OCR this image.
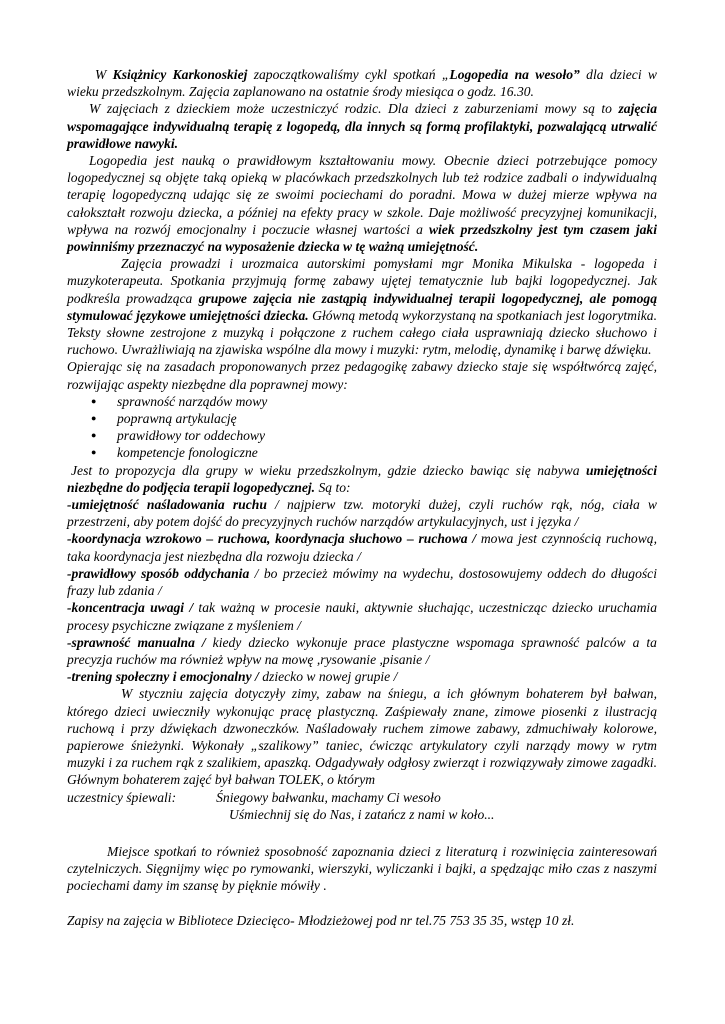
W Książnicy Karkonoskiej zapoczątkowaliśmy cykl spotkań „Logopedia na wesoło” dla dzieci w wieku przedszkolnym. Zajęcia zaplanowano na ostatnie środy miesiąca o godz. 16.30.

W zajęciach z dzieckiem może uczestniczyć rodzic. Dla dzieci z zaburzeniami mowy są to zajęcia wspomagające indywidualną terapię z logopedą, dla innych są formą profilaktyki, pozwalającą utrwalić prawidłowe nawyki.

Logopedia jest nauką o prawidłowym kształtowaniu mowy. Obecnie dzieci potrzebujące pomocy logopedycznej są objęte taką opieką w placówkach przedszkolnych lub też rodzice zadbali o indywidualną terapię logopedyczną udając się ze swoimi pociechami do poradni. Mowa w dużej mierze wpływa na całokształt rozwoju dziecka, a później na efekty pracy w szkole. Daje możliwość precyzyjnej komunikacji, wpływa na rozwój emocjonalny i poczucie własnej wartości a wiek przedszkolny jest tym czasem jaki powinniśmy przeznaczyć na wyposażenie dziecka w tę ważną umiejętność.

Zajęcia prowadzi i urozmaica autorskimi pomysłami mgr Monika Mikulska - logopeda i muzykoterapeuta. Spotkania przyjmują formę zabawy ujętej tematycznie lub bajki logopedycznej. Jak podkreśla prowadząca grupowe zajęcia nie zastąpią indywidualnej terapii logopedycznej, ale pomogą stymulować językowe umiejętności dziecka. Główną metodą wykorzystaną na spotkaniach jest logorytmika. Teksty słowne zestrojone z muzyką i połączone z ruchem całego ciała usprawniają dziecko słuchowo i ruchowo. Uwrażliwiają na zjawiska wspólne dla mowy i muzyki: rytm, melodię, dynamikę i barwę dźwięku.

Opierając się na zasadach proponowanych przez pedagogikę zabawy dziecko staje się współtwórcą zajęć, rozwijając aspekty niezbędne dla poprawnej mowy:

● sprawność narządów mowy
● poprawną artykulację
● prawidłowy tor oddechowy
● kompetencje fonologiczne

Jest to propozycja dla grupy w wieku przedszkolnym, gdzie dziecko bawiąc się nabywa umiejętności niezbędne do podjęcia terapii logopedycznej. Są to:

-umiejętność naśladowania ruchu / najpierw tzw. motoryki dużej, czyli ruchów rąk, nóg, ciała w przestrzeni, aby potem dojść do precyzyjnych ruchów narządów artykulacyjnych, ust i języka /

-koordynacja wzrokowo – ruchowa, koordynacja słuchowo – ruchowa / mowa jest czynnością ruchową, taka koordynacja jest niezbędna dla rozwoju dziecka /

-prawidłowy sposób oddychania / bo przecież mówimy na wydechu, dostosowujemy oddech do długości frazy lub zdania /

-koncentracja uwagi / tak ważną w procesie nauki, aktywnie słuchając, uczestnicząc dziecko uruchamia procesy psychiczne związane z myśleniem /

-sprawność manualna / kiedy dziecko wykonuje prace plastyczne wspomaga sprawność palców a ta precyzja ruchów ma również wpływ na mowę ,rysowanie ,pisanie /

-trening społeczny i emocjonalny / dziecko w nowej grupie /

W styczniu zajęcia dotyczyły zimy, zabaw na śniegu, a ich głównym bohaterem był bałwan, którego dzieci uwieczniły wykonując pracę plastyczną. Zaśpiewały znane, zimowe piosenki z ilustracją ruchową i przy dźwiękach dzwoneczków. Naśladowały ruchem zimowe zabawy, zdmuchiwały kolorowe, papierowe śnieżynki. Wykonały „szalikowy” taniec, ćwicząc artykulatory czyli narządy mowy w rytm muzyki i za ruchem rąk z szalikiem, apaszką. Odgadywały odgłosy zwierząt i rozwiązywały zimowe zagadki. Głównym bohaterem zajęć był bałwan TOLEK, o którym

uczestnicy śpiewali:	Śniegowy bałwanku, machamy Ci wesoło
Uśmiechnij się do Nas, i zatańcz z nami w koło...

Miejsce spotkań to również sposobność zapoznania dzieci z literaturą i rozwinięcia zainteresowań czytelniczych. Sięgnijmy więc po rymowanki, wierszyki, wyliczanki i bajki, a spędzając miło czas z naszymi pociechami damy im szansę by pięknie mówiły .

Zapisy na zajęcia w Bibliotece Dziecięco- Młodzieżowej pod nr tel.75 753 35 35, wstęp 10 zł.
